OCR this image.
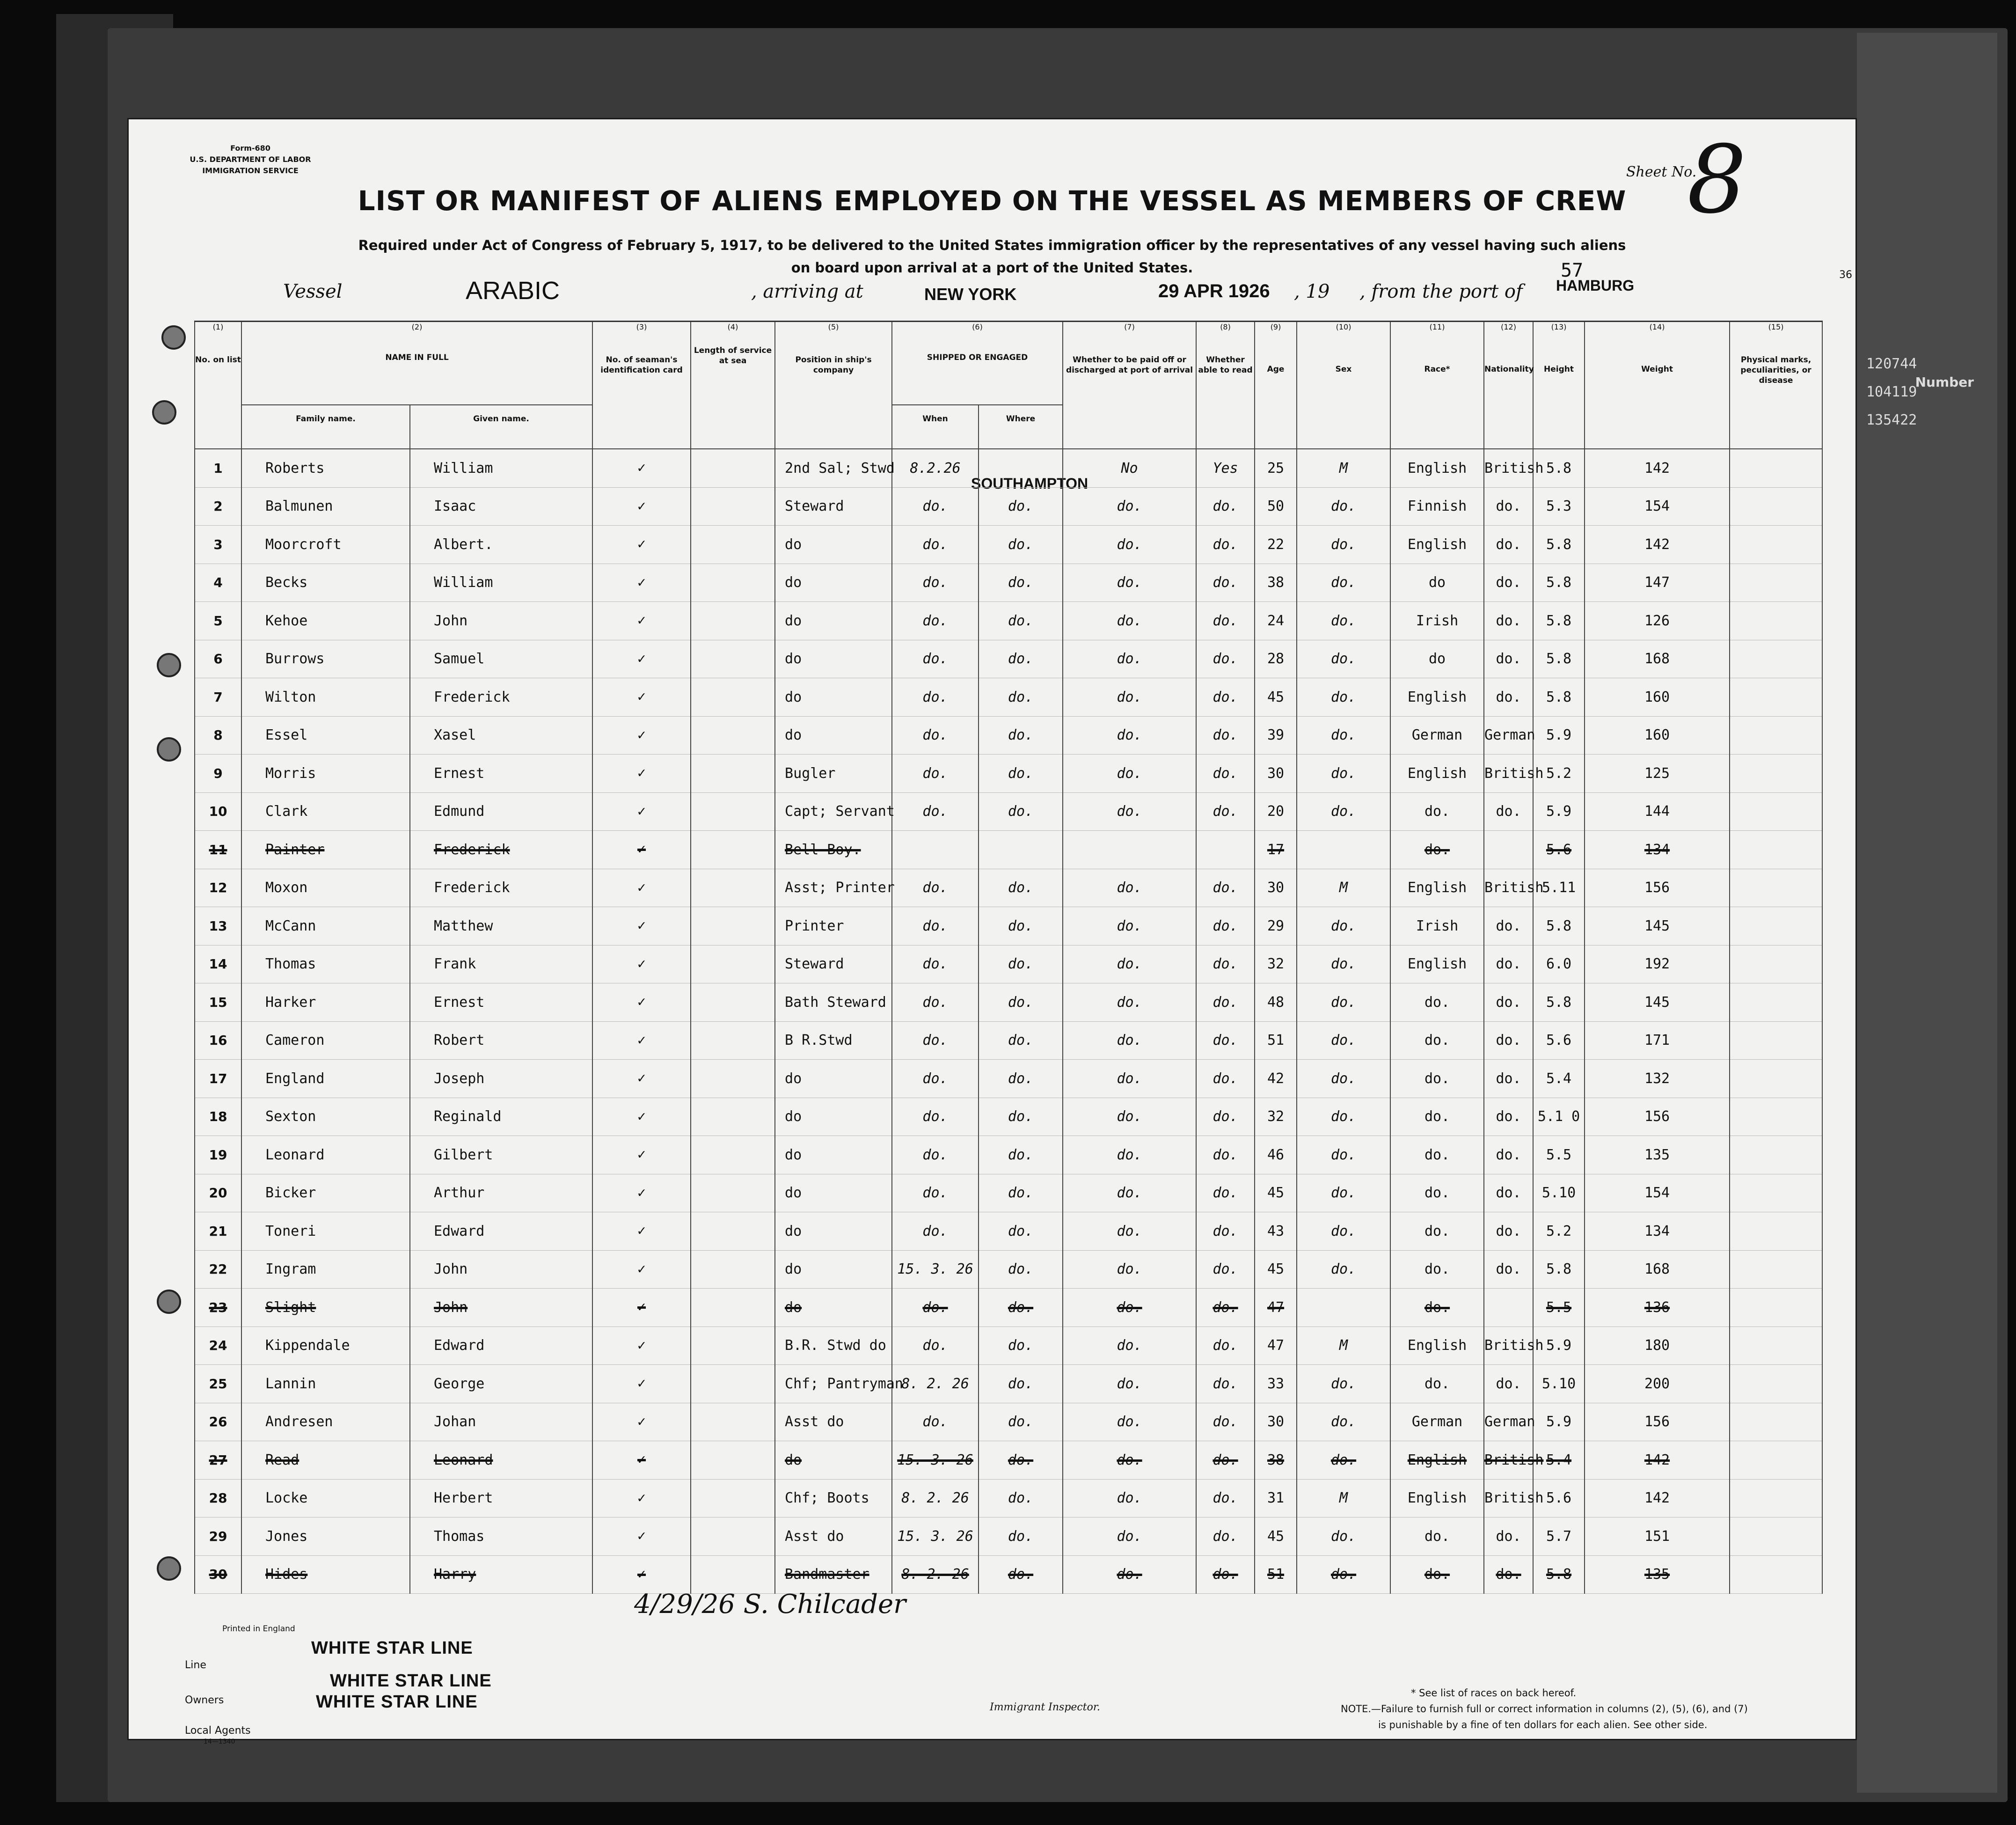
Number
120744
104119
135422
Form-680
U.S. DEPARTMENT OF LABOR
IMMIGRATION SERVICE	Sheet No.
8
57	36
LIST OR MANIFEST OF ALIENS EMPLOYED ON THE VESSEL AS MEMBERS OF CREW
Required under Act of Congress of February 5, 1917, to be delivered to the United States immigration officer by the representatives of any vessel having such aliens
on board upon arrival at a port of the United States.
Vessel	ARABIC	, arriving at	NEW YORK	29 APR 1926 , 19 , from the port of HAMBURG
SOUTHAMPTON
(1)	(2)		(3)	(4)	(5)	(6)		(7)	(8)	(9)	(10)	(11)	(12)	(13)	(14)	(15)
No. on list	NAME IN FULL		No. of seaman's identification card	Length of service at sea	Position in ship's company	SHIPPED OR ENGAGED		Whether to be paid off or discharged at port of arrival	Whether able to read	Age	Sex	Race*	Nationality	Height	Weight	Physical marks, peculiarities, or disease
	Family name.	Given name.				When	Where									
1	Roberts	William	✓		2nd Sal; Stwd	8.2.26		No	Yes	25	M	English	British	5.8	142	
2	Balmunen	Isaac	✓		Steward	do.	do.	do.	do.	50	do.	Finnish	do.	5.3	154	
3	Moorcroft	Albert.	✓		do	do.	do.	do.	do.	22	do.	English	do.	5.8	142	
4	Becks	William	✓		do	do.	do.	do.	do.	38	do.	do	do.	5.8	147	
5	Kehoe	John	✓		do	do.	do.	do.	do.	24	do.	Irish	do.	5.8	126	
6	Burrows	Samuel	✓		do	do.	do.	do.	do.	28	do.	do	do.	5.8	168	
7	Wilton	Frederick	✓		do	do.	do.	do.	do.	45	do.	English	do.	5.8	160	
8	Essel	Xasel	✓		do	do.	do.	do.	do.	39	do.	German	German	5.9	160	
9	Morris	Ernest	✓		Bugler	do.	do.	do.	do.	30	do.	English	British	5.2	125	
10	Clark	Edmund	✓		Capt; Servant	do.	do.	do.	do.	20	do.	do.	do.	5.9	144	
11	Painter	Frederick	✓		Bell Boy.					17		do.		5.6	134	
12	Moxon	Frederick	✓		Asst; Printer	do.	do.	do.	do.	30	M	English	British	5.11	156	
13	McCann	Matthew	✓		Printer	do.	do.	do.	do.	29	do.	Irish	do.	5.8	145	
14	Thomas	Frank	✓		Steward	do.	do.	do.	do.	32	do.	English	do.	6.0	192	
15	Harker	Ernest	✓		Bath Steward	do.	do.	do.	do.	48	do.	do.	do.	5.8	145	
16	Cameron	Robert	✓		B R.Stwd	do.	do.	do.	do.	51	do.	do.	do.	5.6	171	
17	England	Joseph	✓		do	do.	do.	do.	do.	42	do.	do.	do.	5.4	132	
18	Sexton	Reginald	✓		do	do.	do.	do.	do.	32	do.	do.	do.	5.1 0	156	
19	Leonard	Gilbert	✓		do	do.	do.	do.	do.	46	do.	do.	do.	5.5	135	
20	Bicker	Arthur	✓		do	do.	do.	do.	do.	45	do.	do.	do.	5.10	154	
21	Toneri	Edward	✓		do	do.	do.	do.	do.	43	do.	do.	do.	5.2	134	
22	Ingram	John	✓		do	15. 3. 26	do.	do.	do.	45	do.	do.	do.	5.8	168	
23	Slight	John	✓		do	do.	do.	do.	do.	47		do.		5.5	136	
24	Kippendale	Edward	✓		B.R. Stwd do	do.	do.	do.	do.	47	M	English	British	5.9	180	
25	Lannin	George	✓		Chf; Pantryman	8. 2. 26	do.	do.	do.	33	do.	do.	do.	5.10	200	
26	Andresen	Johan	✓		Asst do	do.	do.	do.	do.	30	do.	German	German	5.9	156	
27	Read	Leonard	✓		do	15. 3. 26	do.	do.	do.	38	do.	English	British	5.4	142	
28	Locke	Herbert	✓		Chf; Boots	8. 2. 26	do.	do.	do.	31	M	English	British	5.6	142	
29	Jones	Thomas	✓		Asst do	15. 3. 26	do.	do.	do.	45	do.	do.	do.	5.7	151	
30	Hides	Harry	✓		Bandmaster	8. 2. 26	do.	do.	do.	51	do.	do.	do.	5.8	135	
4/29/26 S. Chilcader
Immigrant Inspector.
Printed in England
Line
WHITE STAR LINE
Owners
WHITE STAR LINE
WHITE STAR LINE
Local Agents
14—1340
* See list of races on back hereof.
NOTE.—Failure to furnish full or correct information in columns (2), (5), (6), and (7)
is punishable by a fine of ten dollars for each alien. See other side.
